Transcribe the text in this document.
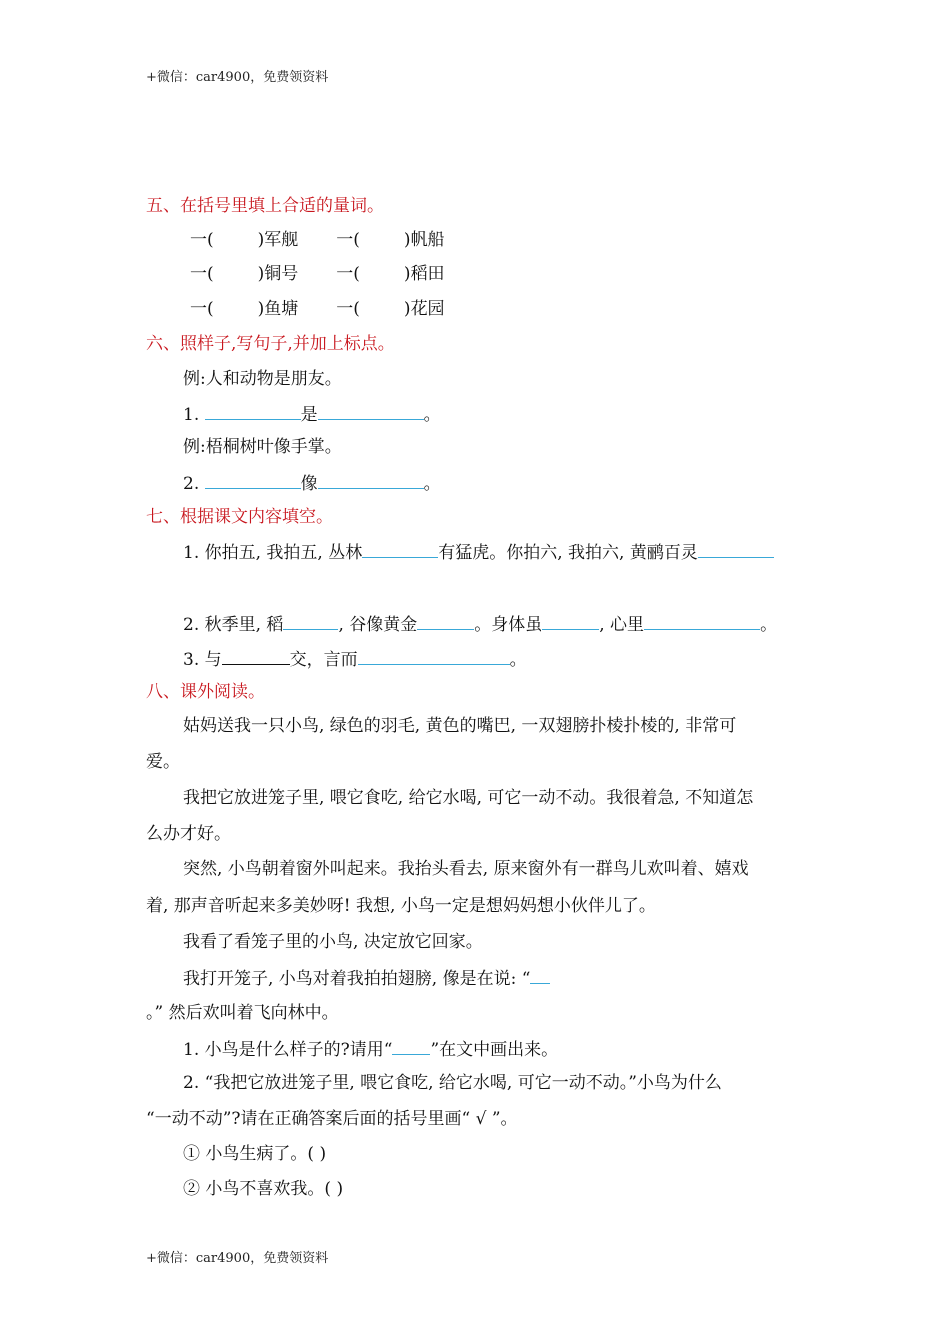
+微信：car4900，免费领资料
五、在括号里填上合适的量词。
一(	)军舰 一(	)帆船
一(	)铜号 一(	)稻田
一(	)鱼塘 一(	)花园
六、照样子,写句子,并加上标点。
例:人和动物是朋友。
1.	是	。
例:梧桐树叶像手掌。
2.	像	。
七、根据课文内容填空。
1. 你拍五, 我拍五, 丛林	有猛虎。你拍六, 我拍六, 黄鹂百灵
2. 秋季里, 稻	, 谷像黄金	。身体虽	, 心里	。
3. 与	交，言而	。
八、课外阅读。
姑妈送我一只小鸟, 绿色的羽毛, 黄色的嘴巴, 一双翅膀扑棱扑棱的, 非常可
爱。
我把它放进笼子里, 喂它食吃, 给它水喝, 可它一动不动。我很着急, 不知道怎
么办才好。
突然, 小鸟朝着窗外叫起来。我抬头看去, 原来窗外有一群鸟儿欢叫着、嬉戏
着, 那声音听起来多美妙呀! 我想, 小鸟一定是想妈妈想小伙伴儿了。
我看了看笼子里的小鸟, 决定放它回家。
我打开笼子, 小鸟对着我拍拍翅膀, 像是在说: “
。” 然后欢叫着飞向林中。
1. 小鸟是什么样子的?请用“ ”在文中画出来。
2. “我把它放进笼子里, 喂它食吃, 给它水喝, 可它一动不动。”小鸟为什么
“一动不动”?请在正确答案后面的括号里画“ √ ”。
① 小鸟生病了。( )
② 小鸟不喜欢我。( )
+微信：car4900，免费领资料
